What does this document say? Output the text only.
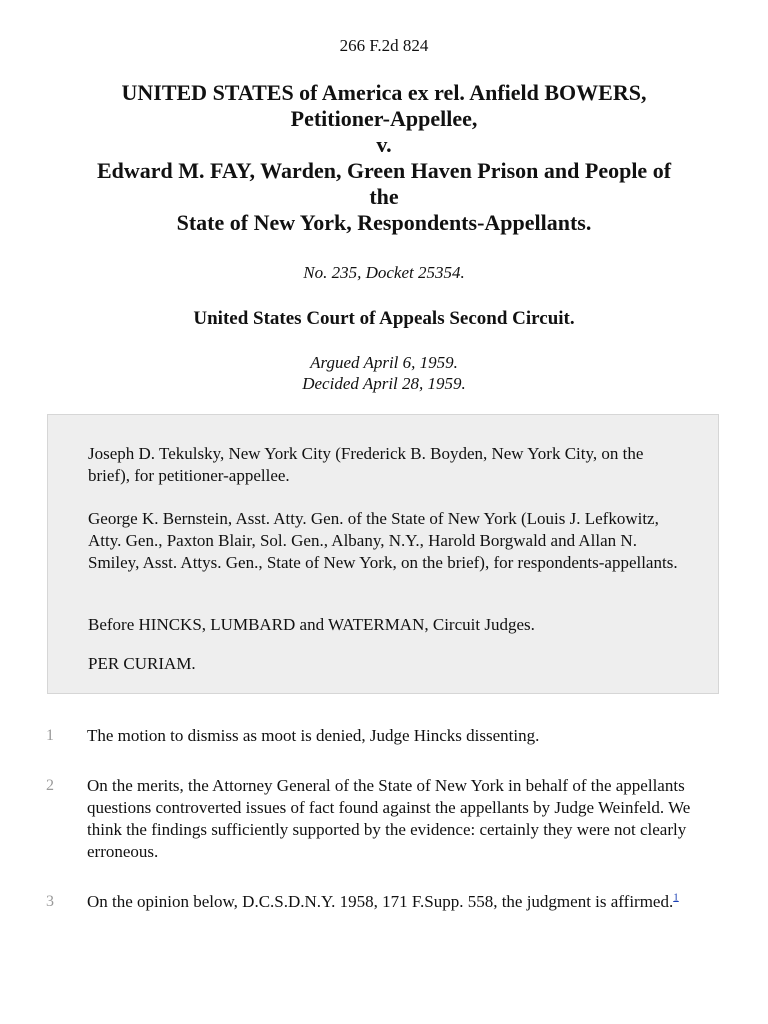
266 F.2d 824
UNITED STATES of America ex rel. Anfield BOWERS,
Petitioner-Appellee,
v.
Edward M. FAY, Warden, Green Haven Prison and People of
the
State of New York, Respondents-Appellants.
No. 235, Docket 25354.
United States Court of Appeals Second Circuit.
Argued April 6, 1959.
Decided April 28, 1959.

Joseph D. Tekulsky, New York City (Frederick B. Boyden, New York City, on the brief), for petitioner-appellee.

George K. Bernstein, Asst. Atty. Gen. of the State of New York (Louis J. Lefkowitz, Atty. Gen., Paxton Blair, Sol. Gen., Albany, N.Y., Harold Borgwald and Allan N. Smiley, Asst. Attys. Gen., State of New York, on the brief), for respondents-appellants.

Before HINCKS, LUMBARD and WATERMAN, Circuit Judges.

PER CURIAM.

1 The motion to dismiss as moot is denied, Judge Hincks dissenting.
2 On the merits, the Attorney General of the State of New York in behalf of the appellants questions controverted issues of fact found against the appellants by Judge Weinfeld. We think the findings sufficiently supported by the evidence: certainly they were not clearly erroneous.
3 On the opinion below, D.C.S.D.N.Y. 1958, 171 F.Supp. 558, the judgment is affirmed.$^1$
